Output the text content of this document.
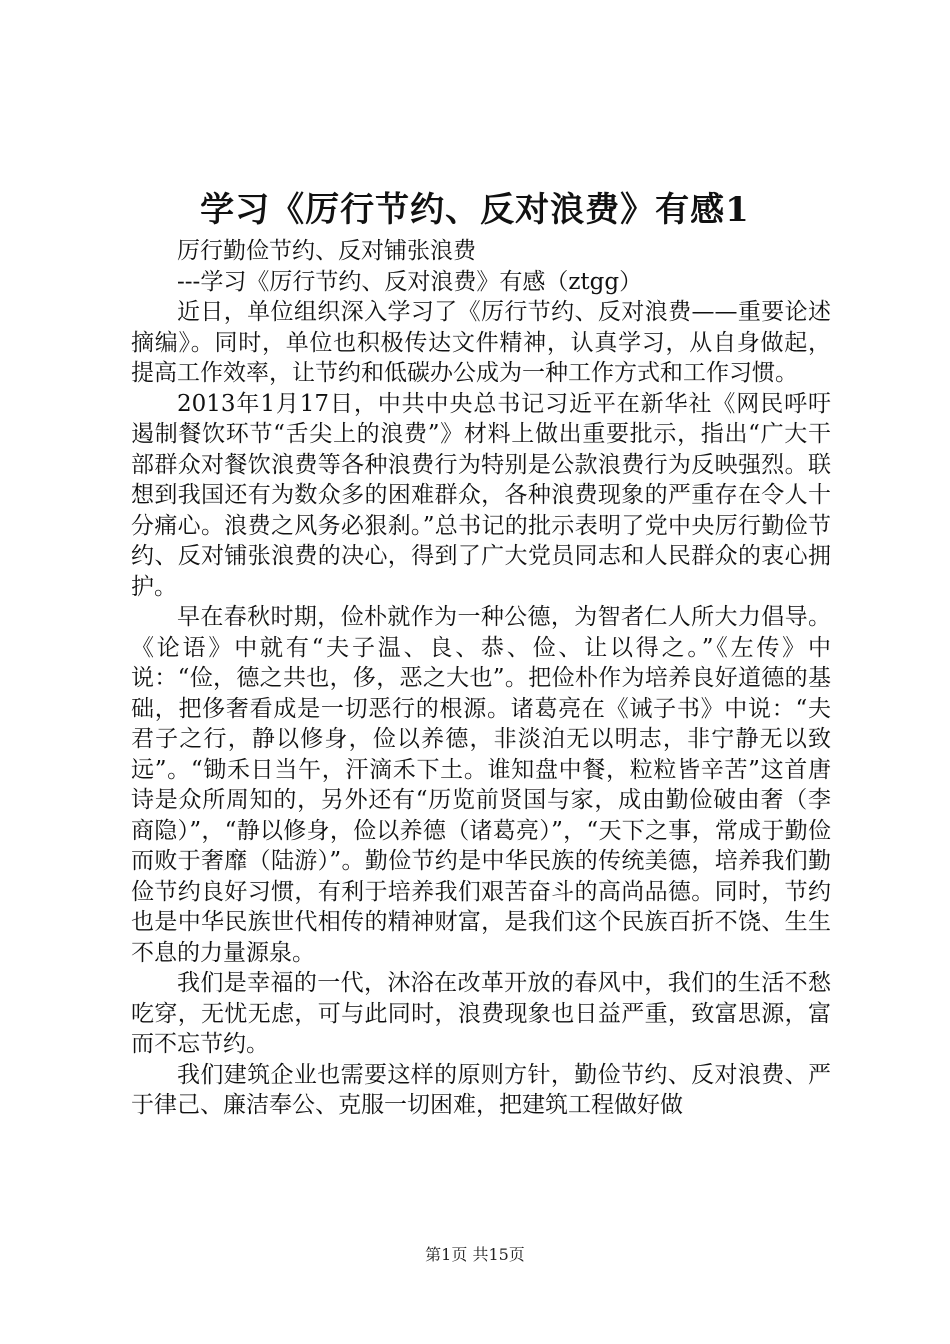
学习《厉行节约、反对浪费》有感1

厉行勤俭节约、反对铺张浪费

---学习《厉行节约、反对浪费》有感（ztgg）

近日，单位组织深入学习了《厉行节约、反对浪费——重要论述摘编》。同时，单位也积极传达文件精神，认真学习，从自身做起，提高工作效率，让节约和低碳办公成为一种工作方式和工作习惯。

2013年1月17日，中共中央总书记习近平在新华社《网民呼吁遏制餐饮环节“舌尖上的浪费”》材料上做出重要批示，指出“广大干部群众对餐饮浪费等各种浪费行为特别是公款浪费行为反映强烈。联想到我国还有为数众多的困难群众，各种浪费现象的严重存在令人十分痛心。浪费之风务必狠刹。”总书记的批示表明了党中央厉行勤俭节约、反对铺张浪费的决心，得到了广大党员同志和人民群众的衷心拥护。

早在春秋时期，俭朴就作为一种公德，为智者仁人所大力倡导。《论语》中就有“夫子温、良、恭、俭、让以得之。”《左传》中说：“俭，德之共也，侈，恶之大也”。把俭朴作为培养良好道德的基础，把侈奢看成是一切恶行的根源。诸葛亮在《诫子书》中说：“夫君子之行，静以修身，俭以养德，非淡泊无以明志，非宁静无以致远”。“锄禾日当午，汗滴禾下土。谁知盘中餐，粒粒皆辛苦”这首唐诗是众所周知的，另外还有“历览前贤国与家，成由勤俭破由奢（李商隐）”，“静以修身，俭以养德（诸葛亮）”，“天下之事，常成于勤俭而败于奢靡（陆游）”。勤俭节约是中华民族的传统美德，培养我们勤俭节约良好习惯，有利于培养我们艰苦奋斗的高尚品德。同时，节约也是中华民族世代相传的精神财富，是我们这个民族百折不饶、生生不息的力量源泉。

我们是幸福的一代，沐浴在改革开放的春风中，我们的生活不愁吃穿，无忧无虑，可与此同时，浪费现象也日益严重，致富思源，富而不忘节约。

我们建筑企业也需要这样的原则方针，勤俭节约、反对浪费、严于律己、廉洁奉公、克服一切困难，把建筑工程做好做

第1页 共15页
